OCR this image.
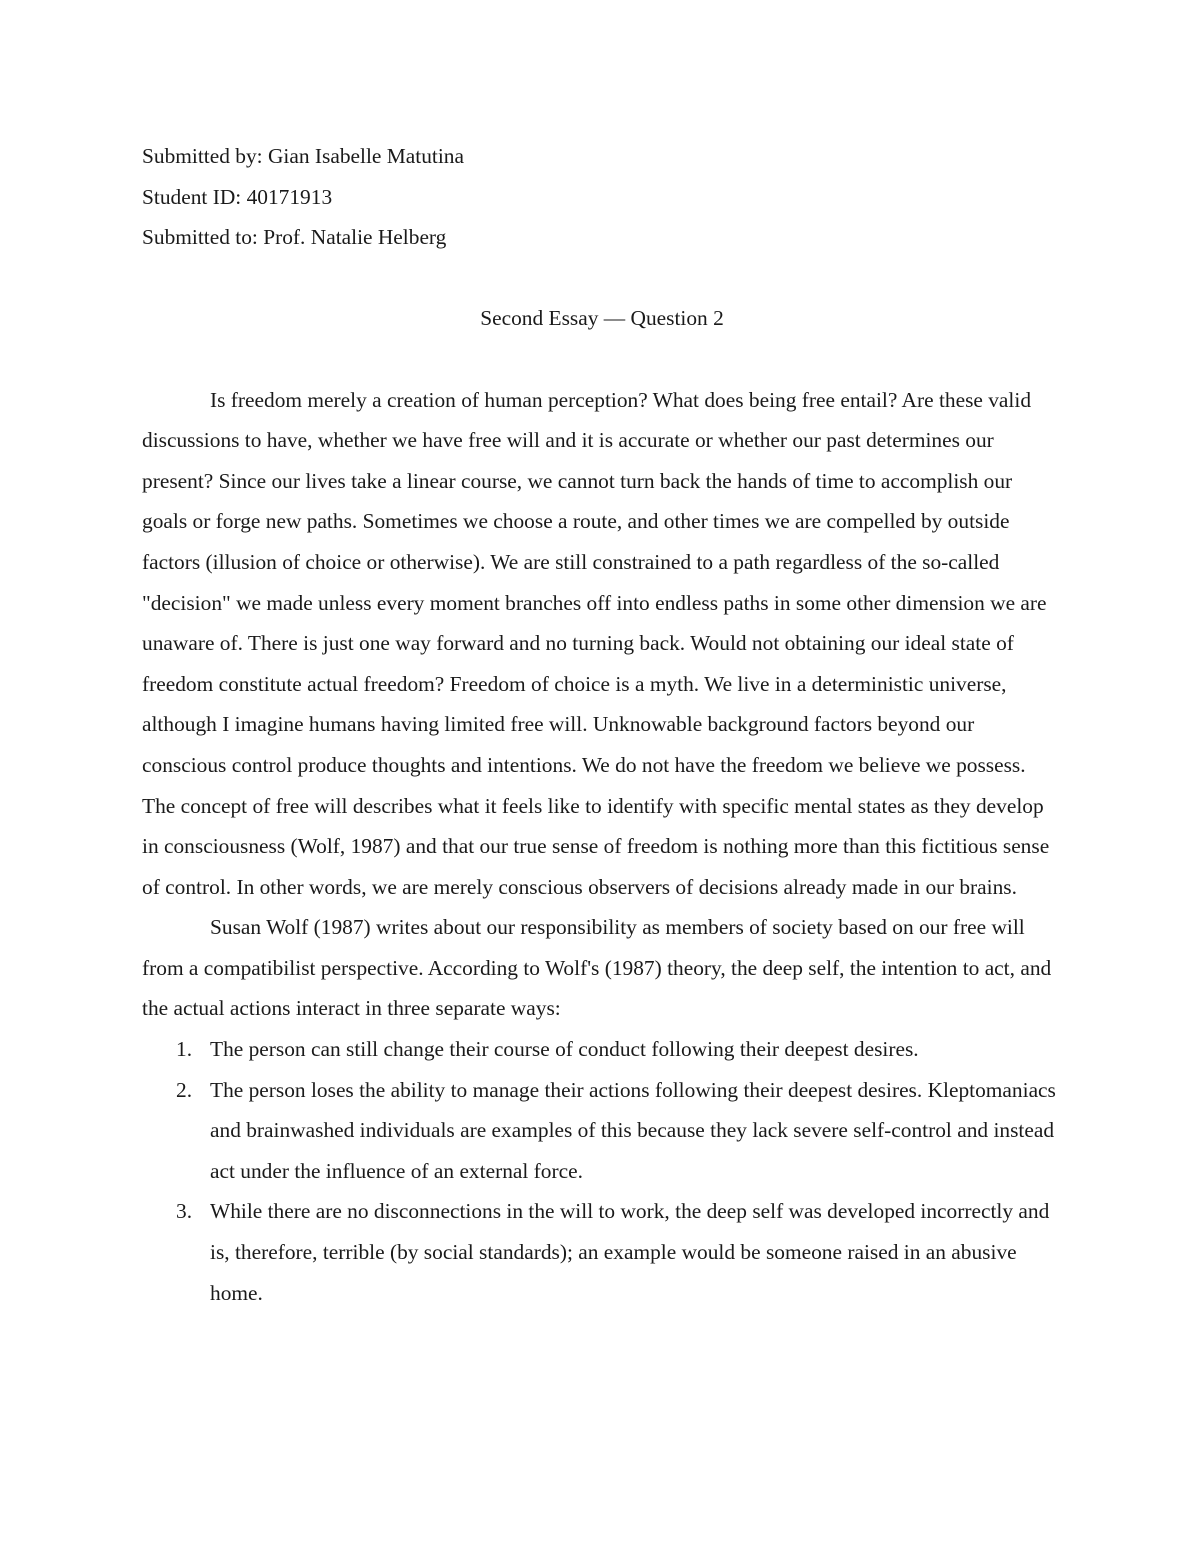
Submitted by: Gian Isabelle Matutina

Student ID: 40171913

Submitted to: Prof. Natalie Helberg

Second Essay — Question 2

Is freedom merely a creation of human perception? What does being free entail? Are these valid discussions to have, whether we have free will and it is accurate or whether our past determines our present? Since our lives take a linear course, we cannot turn back the hands of time to accomplish our goals or forge new paths. Sometimes we choose a route, and other times we are compelled by outside factors (illusion of choice or otherwise). We are still constrained to a path regardless of the so-called "decision" we made unless every moment branches off into endless paths in some other dimension we are unaware of. There is just one way forward and no turning back. Would not obtaining our ideal state of freedom constitute actual freedom? Freedom of choice is a myth. We live in a deterministic universe, although I imagine humans having limited free will. Unknowable background factors beyond our conscious control produce thoughts and intentions. We do not have the freedom we believe we possess. The concept of free will describes what it feels like to identify with specific mental states as they develop in consciousness (Wolf, 1987) and that our true sense of freedom is nothing more than this fictitious sense of control. In other words, we are merely conscious observers of decisions already made in our brains.

Susan Wolf (1987) writes about our responsibility as members of society based on our free will from a compatibilist perspective. According to Wolf's (1987) theory, the deep self, the intention to act, and the actual actions interact in three separate ways:

1. The person can still change their course of conduct following their deepest desires.
2. The person loses the ability to manage their actions following their deepest desires. Kleptomaniacs and brainwashed individuals are examples of this because they lack severe self-control and instead act under the influence of an external force.
3. While there are no disconnections in the will to work, the deep self was developed incorrectly and is, therefore, terrible (by social standards); an example would be someone raised in an abusive home.
